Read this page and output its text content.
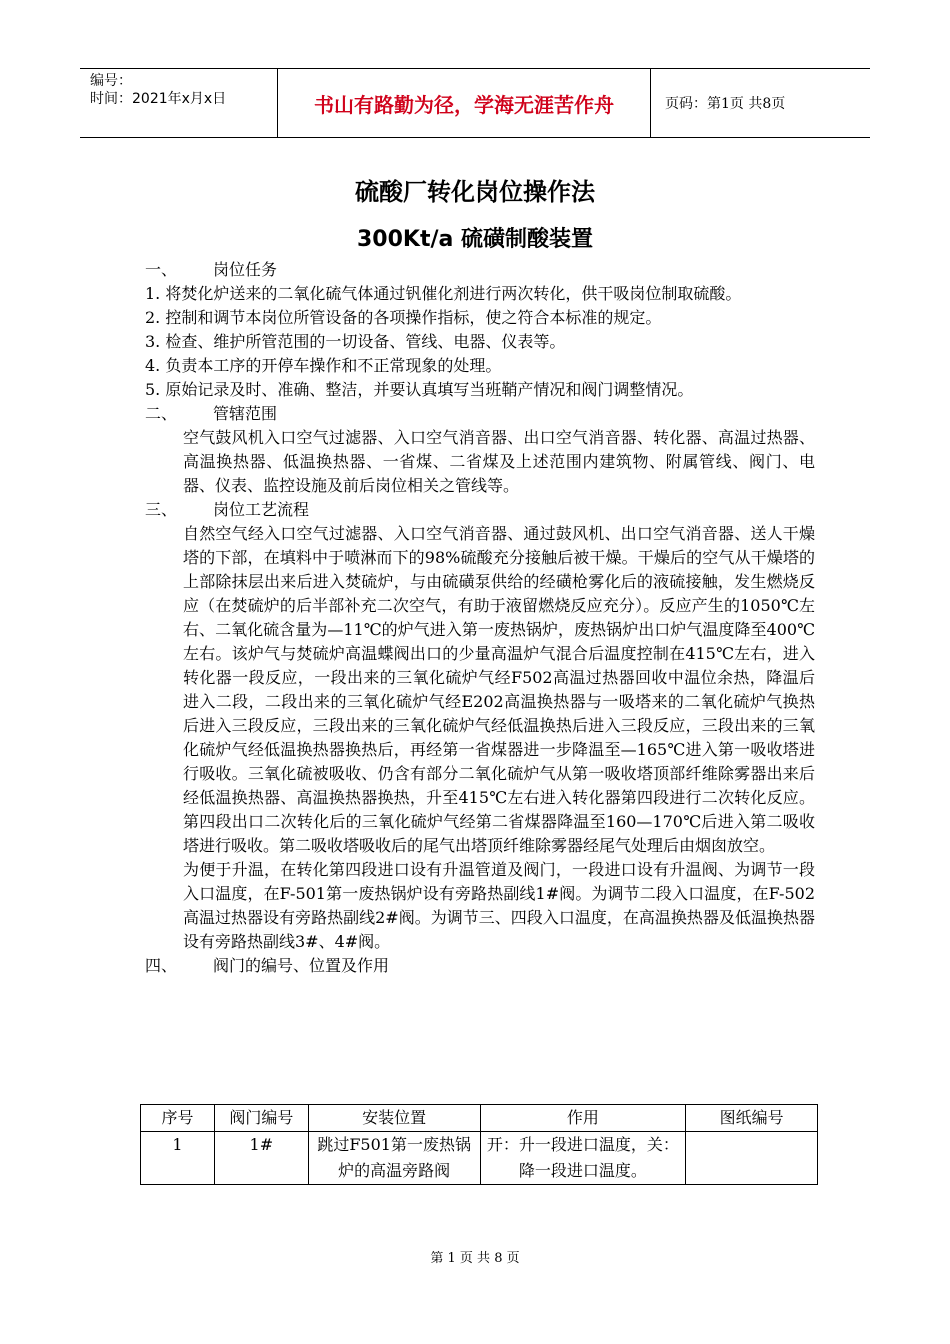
编号：
时间：2021年x月x日	书山有路勤为径，学海无涯苦作舟	页码：第1页 共8页
硫酸厂转化岗位操作法
300Kt/a 硫磺制酸装置

一、 岗位任务

1. 将焚化炉送来的二氧化硫气体通过钒催化剂进行两次转化，供干吸岗位制取硫酸。

2. 控制和调节本岗位所管设备的各项操作指标，使之符合本标准的规定。

3. 检查、维护所管范围的一切设备、管线、电器、仪表等。

4. 负责本工序的开停车操作和不正常现象的处理。

5. 原始记录及时、准确、整洁，并要认真填写当班鞘产情况和阀门调整情况。

二、 管辖范围

空气鼓风机入口空气过滤器、入口空气消音器、出口空气消音器、转化器、高温过热器、高温换热器、低温换热器、一省煤、二省煤及上述范围内建筑物、附属管线、阀门、电器、仪表、监控设施及前后岗位相关之管线等。

三、 岗位工艺流程

自然空气经入口空气过滤器、入口空气消音器、通过鼓风机、出口空气消音器、送人干燥塔的下部，在填料中于喷淋而下的98%硫酸充分接触后被干燥。干燥后的空气从干燥塔的上部除抹层出来后进入焚硫炉，与由硫磺泵供给的经磺枪雾化后的液硫接触，发生燃烧反应（在焚硫炉的后半部补充二次空气，有助于液留燃烧反应充分）。反应产生的1050℃左右、二氧化硫含量为—11℃的炉气进入第一废热锅炉，废热锅炉出口炉气温度降至400℃左右。该炉气与焚硫炉高温蝶阀出口的少量高温炉气混合后温度控制在415℃左右，进入转化器一段反应，一段出来的三氧化硫炉气经F502高温过热器回收中温位余热，降温后进入二段，二段出来的三氧化硫炉气经E202高温换热器与一吸塔来的二氧化硫炉气换热后进入三段反应，三段出来的三氧化硫炉气经低温换热后进入三段反应，三段出来的三氧化硫炉气经低温换热器换热后，再经第一省煤器进一步降温至—165℃进入第一吸收塔进行吸收。三氧化硫被吸收、仍含有部分二氧化硫炉气从第一吸收塔顶部纤维除雾器出来后经低温换热器、高温换热器换热，升至415℃左右进入转化器第四段进行二次转化反应。第四段出口二次转化后的三氧化硫炉气经第二省煤器降温至160—170℃后进入第二吸收塔进行吸收。第二吸收塔吸收后的尾气出塔顶纤维除雾器经尾气处理后由烟囱放空。

为便于升温，在转化第四段进口设有升温管道及阀门，一段进口设有升温阀、为调节一段入口温度，在F-501第一废热锅炉设有旁路热副线1#阀。为调节二段入口温度，在F-502高温过热器设有旁路热副线2#阀。为调节三、四段入口温度，在高温换热器及低温换热器设有旁路热副线3#、4#阀。

四、 阀门的编号、位置及作用

序号	阀门编号	安装位置	作用	图纸编号
1	1#	跳过F501第一废热锅炉的高温旁路阀	开：升一段进口温度，关：降一段进口温度。	
第 1 页 共 8 页
